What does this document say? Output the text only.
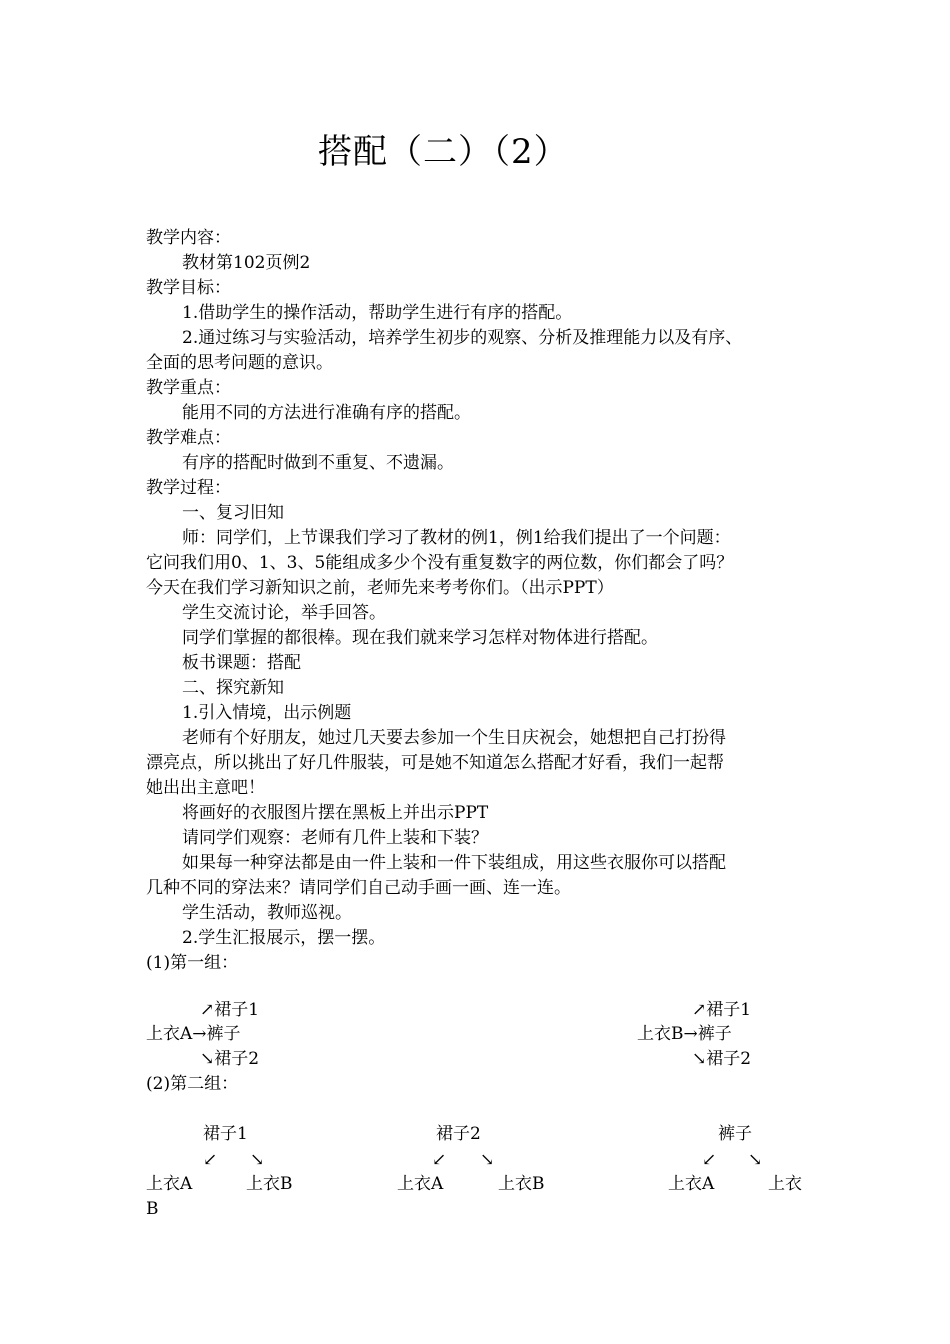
搭配（二）（2）
教学内容：
教材第102页例2
教学目标：
1.借助学生的操作活动，帮助学生进行有序的搭配。
2.通过练习与实验活动，培养学生初步的观察、分析及推理能力以及有序、
全面的思考问题的意识。
教学重点：
能用不同的方法进行准确有序的搭配。
教学难点：
有序的搭配时做到不重复、不遗漏。
教学过程：
一、复习旧知
师：同学们，上节课我们学习了教材的例1，例1给我们提出了一个问题：
它问我们用0、1、3、5能组成多少个没有重复数字的两位数，你们都会了吗？
今天在我们学习新知识之前，老师先来考考你们。（出示PPT）
学生交流讨论，举手回答。
同学们掌握的都很棒。现在我们就来学习怎样对物体进行搭配。
板书课题：搭配
二、探究新知
1.引入情境，出示例题
老师有个好朋友，她过几天要去参加一个生日庆祝会，她想把自己打扮得
漂亮点，所以挑出了好几件服装，可是她不知道怎么搭配才好看，我们一起帮
她出出主意吧！
将画好的衣服图片摆在黑板上并出示PPT
请同学们观察：老师有几件上装和下装？
如果每一种穿法都是由一件上装和一件下装组成，用这些衣服你可以搭配
几种不同的穿法来？请同学们自己动手画一画、连一连。
学生活动，教师巡视。
2.学生汇报展示，摆一摆。
(1)第一组：
↗裙子1
上衣A→裤子
↘裙子2
↗裙子1
上衣B→裤子
↘裙子2
(2)第二组：
裙子1
↙ ↘
上衣A	上衣B
裙子2
↙ ↘
上衣A	上衣B
裤子
↙ ↘
上衣A	上衣
B
